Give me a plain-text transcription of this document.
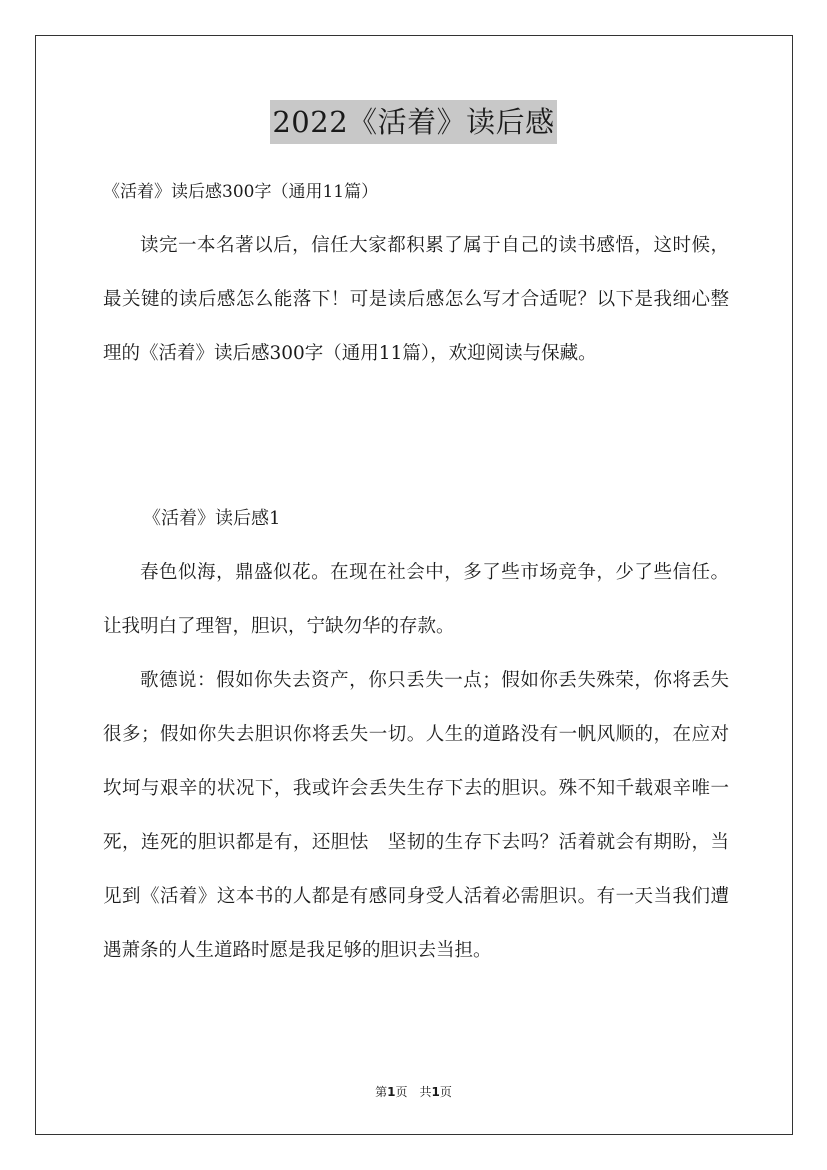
2022《活着》读后感
《活着》读后感300字（通用11篇）

读完一本名著以后，信任大家都积累了属于自己的读书感悟，这时候，最关键的读后感怎么能落下！可是读后感怎么写才合适呢？以下是我细心整理的《活着》读后感300字（通用11篇），欢迎阅读与保藏。

《活着》读后感1

春色似海，鼎盛似花。在现在社会中，多了些市场竞争，少了些信任。让我明白了理智，胆识，宁缺勿华的存款。

歌德说：假如你失去资产，你只丢失一点；假如你丢失殊荣，你将丢失很多；假如你失去胆识你将丢失一切。人生的道路没有一帆风顺的，在应对坎坷与艰辛的状况下，我或许会丢失生存下去的胆识。殊不知千载艰辛唯一死，连死的胆识都是有，还胆怯　坚韧的生存下去吗？活着就会有期盼，当见到《活着》这本书的人都是有感同身受人活着必需胆识。有一天当我们遭遇萧条的人生道路时愿是我足够的胆识去当担。

第1页　共1页
